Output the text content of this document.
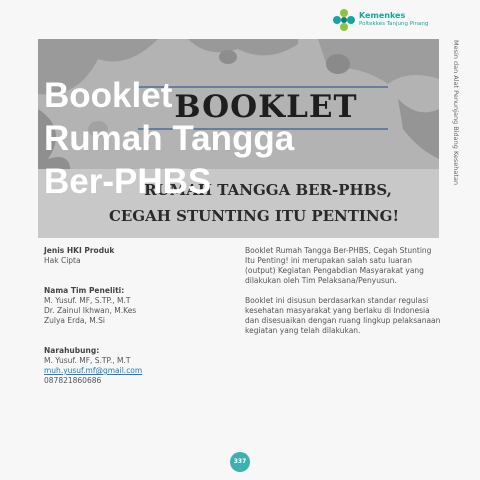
Kemenkes
Poltekkes Tanjung Pinang
Mesin dan Alat Penunjang Bidang Kesehatan
BOOKLET
RUMAH TANGGA BER-PHBS,
CEGAH STUNTING ITU PENTING!
Booklet
Rumah Tangga
Ber-PHBS
Jenis HKI Produk
Hak Cipta
Nama Tim Peneliti:
M. Yusuf. MF, S.TP., M.T
Dr. Zainul Ikhwan, M.Kes
Zulya Erda, M.Si
Narahubung:
M. Yusuf. MF, S.TP., M.T
muh.yusuf.mf@gmail.com
087821860686

Booklet Rumah Tangga Ber-PHBS, Cegah Stunting Itu Penting! ini merupakan salah satu luaran (output) Kegiatan Pengabdian Masyarakat yang dilakukan oleh Tim Pelaksana/Penyusun.

Booklet ini disusun berdasarkan standar regulasi kesehatan masyarakat yang berlaku di Indonesia dan disesuaikan dengan ruang lingkup pelaksanaan kegiatan yang telah dilakukan.

337
